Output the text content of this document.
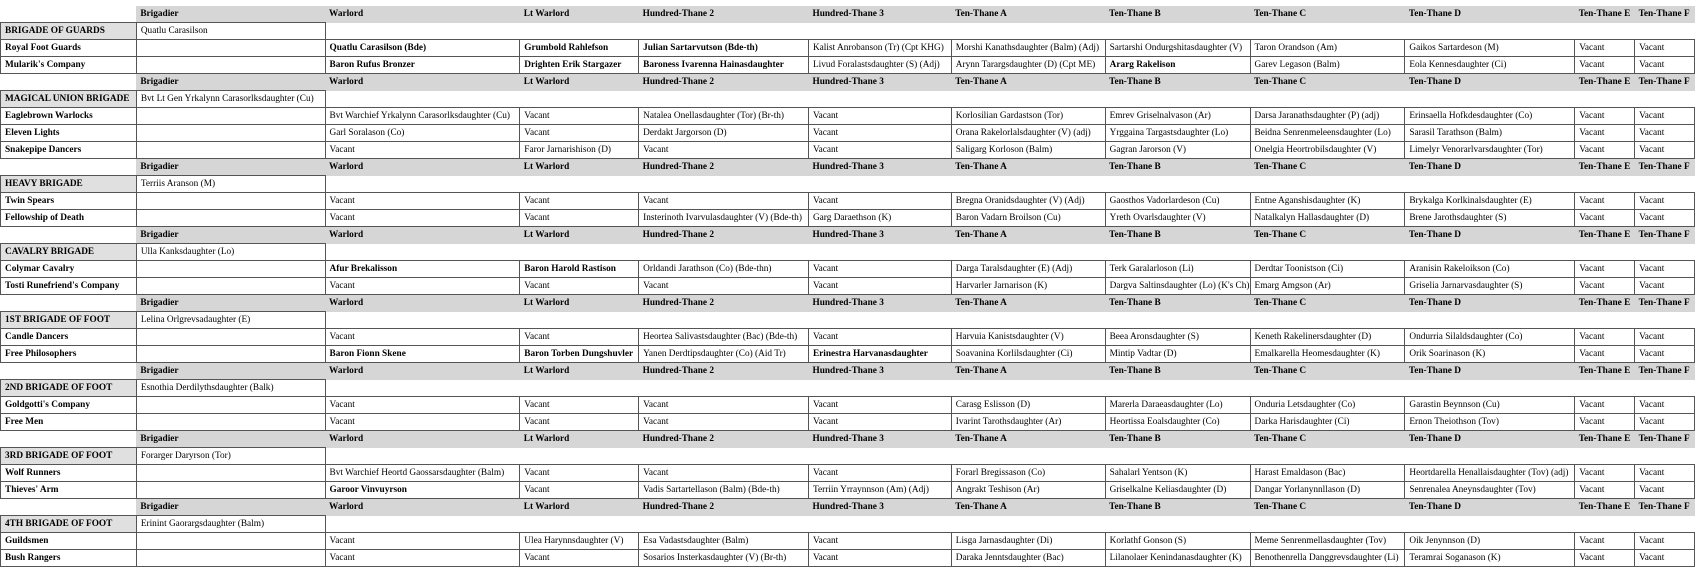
	Brigadier	Warlord	Lt Warlord	Hundred-Thane 2	Hundred-Thane 3	Ten-Thane A	Ten-Thane B	Ten-Thane C	Ten-Thane D	Ten-Thane E	Ten-Thane F
BRIGADE OF GUARDS	Quatlu Carasilson										
Royal Foot Guards		Quatlu Carasilson (Bde)	Grumbold Rahlefson	Julian Sartarvutson (Bde-th)	Kalist Anrobanson (Tr) (Cpt KHG)	Morshi Kanathsdaughter (Balm) (Adj)	Sartarshi Ondurgshitasdaughter (V)	Taron Orandson (Am)	Gaikos Sartardeson (M)	Vacant	Vacant
Mularik's Company		Baron Rufus Bronzer	Drighten Erik Stargazer	Baroness Ivarenna Hainasdaughter	Livud Foralastsdaughter (S) (Adj)	Arynn Tarargsdaughter (D) (Cpt ME)	Ararg Rakelison	Garev Legason (Balm)	Eola Kennesdaughter (Ci)	Vacant	Vacant
	Brigadier	Warlord	Lt Warlord	Hundred-Thane 2	Hundred-Thane 3	Ten-Thane A	Ten-Thane B	Ten-Thane C	Ten-Thane D	Ten-Thane E	Ten-Thane F
MAGICAL UNION BRIGADE	Bvt Lt Gen Yrkalynn Carasorlksdaughter (Cu)										
Eaglebrown Warlocks		Bvt Warchief Yrkalynn Carasorlksdaughter (Cu)	Vacant	Natalea Onellasdaughter (Tor) (Br-th)	Vacant	Korlosilian Gardastson (Tor)	Emrev Griselnalvason (Ar)	Darsa Jaranathsdaughter (P) (adj)	Erinsaella Hofkdesdaughter (Co)	Vacant	Vacant
Eleven Lights		Garl Soralason (Co)	Vacant	Derdakt Jargorson (D)	Vacant	Orana Rakelorlalsdaughter (V) (adj)	Yrggaina Targastsdaughter (Lo)	Beidna Senrenmeleensdaughter (Lo)	Sarasil Tarathson (Balm)	Vacant	Vacant
Snakepipe Dancers		Vacant	Faror Jarnarishison (D)	Vacant	Vacant	Saligarg Korloson (Balm)	Gagran Jarorson (V)	Onelgia Heortrobilsdaughter (V)	Limelyr Venorarlvarsdaughter (Tor)	Vacant	Vacant
	Brigadier	Warlord	Lt Warlord	Hundred-Thane 2	Hundred-Thane 3	Ten-Thane A	Ten-Thane B	Ten-Thane C	Ten-Thane D	Ten-Thane E	Ten-Thane F
HEAVY BRIGADE	Terriis Aranson (M)										
Twin Spears		Vacant	Vacant	Vacant	Vacant	Bregna Oranidsdaughter (V) (Adj)	Gaosthos Vadorlardeson (Cu)	Entne Aganshisdaughter (K)	Brykalga Korlkinalsdaughter (E)	Vacant	Vacant
Fellowship of Death		Vacant	Vacant	Insterinoth Ivarvulasdaughter (V) (Bde-th)	Garg Daraethson (K)	Baron Vadarn Broilson (Cu)	Yreth Ovarlsdaughter (V)	Natalkalyn Hallasdaughter (D)	Brene Jarothsdaughter (S)	Vacant	Vacant
	Brigadier	Warlord	Lt Warlord	Hundred-Thane 2	Hundred-Thane 3	Ten-Thane A	Ten-Thane B	Ten-Thane C	Ten-Thane D	Ten-Thane E	Ten-Thane F
CAVALRY BRIGADE	Ulla Kanksdaughter (Lo)										
Colymar Cavalry		Afur Brekalisson	Baron Harold Rastison	Orldandi Jarathson (Co) (Bde-thn)	Vacant	Darga Taralsdaughter (E) (Adj)	Terk Garalarloson (Li)	Derdtar Toonistson (Ci)	Aranisin Rakeloikson (Co)	Vacant	Vacant
Tosti Runefriend's Company		Vacant	Vacant	Vacant	Vacant	Harvarler Jarnarison (K)	Dargva Saltinsdaughter (Lo) (K's Ch)	Emarg Amgson (Ar)	Griselia Jarnarvasdaughter (S)	Vacant	Vacant
	Brigadier	Warlord	Lt Warlord	Hundred-Thane 2	Hundred-Thane 3	Ten-Thane A	Ten-Thane B	Ten-Thane C	Ten-Thane D	Ten-Thane E	Ten-Thane F
1ST BRIGADE OF FOOT	Lelina Orlgrevsadaughter (E)										
Candle Dancers		Vacant	Vacant	Heortea Salivastsdaughter (Bac) (Bde-th)	Vacant	Harvuia Kanistsdaughter (V)	Beea Aronsdaughter (S)	Keneth Rakelinersdaughter (D)	Ondurria Silaldsdaughter (Co)	Vacant	Vacant
Free Philosophers		Baron Fionn Skene	Baron Torben Dungshuvler	Yanen Derdtipsdaughter (Co) (Aid Tr)	Erinestra Harvanasdaughter	Soavanina Korlilsdaughter (Ci)	Mintip Vadtar (D)	Emalkarella Heomesdaughter (K)	Orik Soarinason (K)	Vacant	Vacant
	Brigadier	Warlord	Lt Warlord	Hundred-Thane 2	Hundred-Thane 3	Ten-Thane A	Ten-Thane B	Ten-Thane C	Ten-Thane D	Ten-Thane E	Ten-Thane F
2ND BRIGADE OF FOOT	Esnothia Derdilythsdaughter (Balk)										
Goldgotti's Company		Vacant	Vacant	Vacant	Vacant	Carasg Eslisson (D)	Marerla Daraeasdaughter (Lo)	Onduria Letsdaughter (Co)	Garastin Beynnson (Cu)	Vacant	Vacant
Free Men		Vacant	Vacant	Vacant	Vacant	Ivarint Tarothsdaughter (Ar)	Heortissa Eoalsdaughter (Co)	Darka Harisdaughter (Ci)	Ernon Theiothson (Tov)	Vacant	Vacant
	Brigadier	Warlord	Lt Warlord	Hundred-Thane 2	Hundred-Thane 3	Ten-Thane A	Ten-Thane B	Ten-Thane C	Ten-Thane D	Ten-Thane E	Ten-Thane F
3RD BRIGADE OF FOOT	Forarger Daryrson (Tor)										
Wolf Runners		Bvt Warchief Heortd Gaossarsdaughter (Balm)	Vacant	Vacant	Vacant	Forarl Bregissason (Co)	Sahalarl Yentson (K)	Harast Emaldason (Bac)	Heortdarella Henallaisdaughter (Tov) (adj)	Vacant	Vacant
Thieves' Arm		Garoor Vinvuyrson	Vacant	Vadis Sartartellason (Balm) (Bde-th)	Terriin Yrraynnson (Am) (Adj)	Angrakt Teshison (Ar)	Griselkalne Keliasdaughter (D)	Dangar Yorlanynnllason (D)	Senrenalea Aneynsdaughter (Tov)	Vacant	Vacant
	Brigadier	Warlord	Lt Warlord	Hundred-Thane 2	Hundred-Thane 3	Ten-Thane A	Ten-Thane B	Ten-Thane C	Ten-Thane D	Ten-Thane E	Ten-Thane F
4TH BRIGADE OF FOOT	Erinint Gaorargsdaughter (Balm)										
Guildsmen		Vacant	Ulea Harynnsdaughter (V)	Esa Vadastsdaughter (Balm)	Vacant	Lisga Jarnasdaughter (Di)	Korlathf Gonson (S)	Meme Senrenmellasdaughter (Tov)	Oik Jenynnson (D)	Vacant	Vacant
Bush Rangers		Vacant	Vacant	Sosarios Insterkasdaughter (V) (Br-th)	Vacant	Daraka Jenntsdaughter (Bac)	Lilanolaer Kenindanasdaughter (K)	Benothenrella Danggrevsdaughter (Li)	Teramrai Soganason (K)	Vacant	Vacant
